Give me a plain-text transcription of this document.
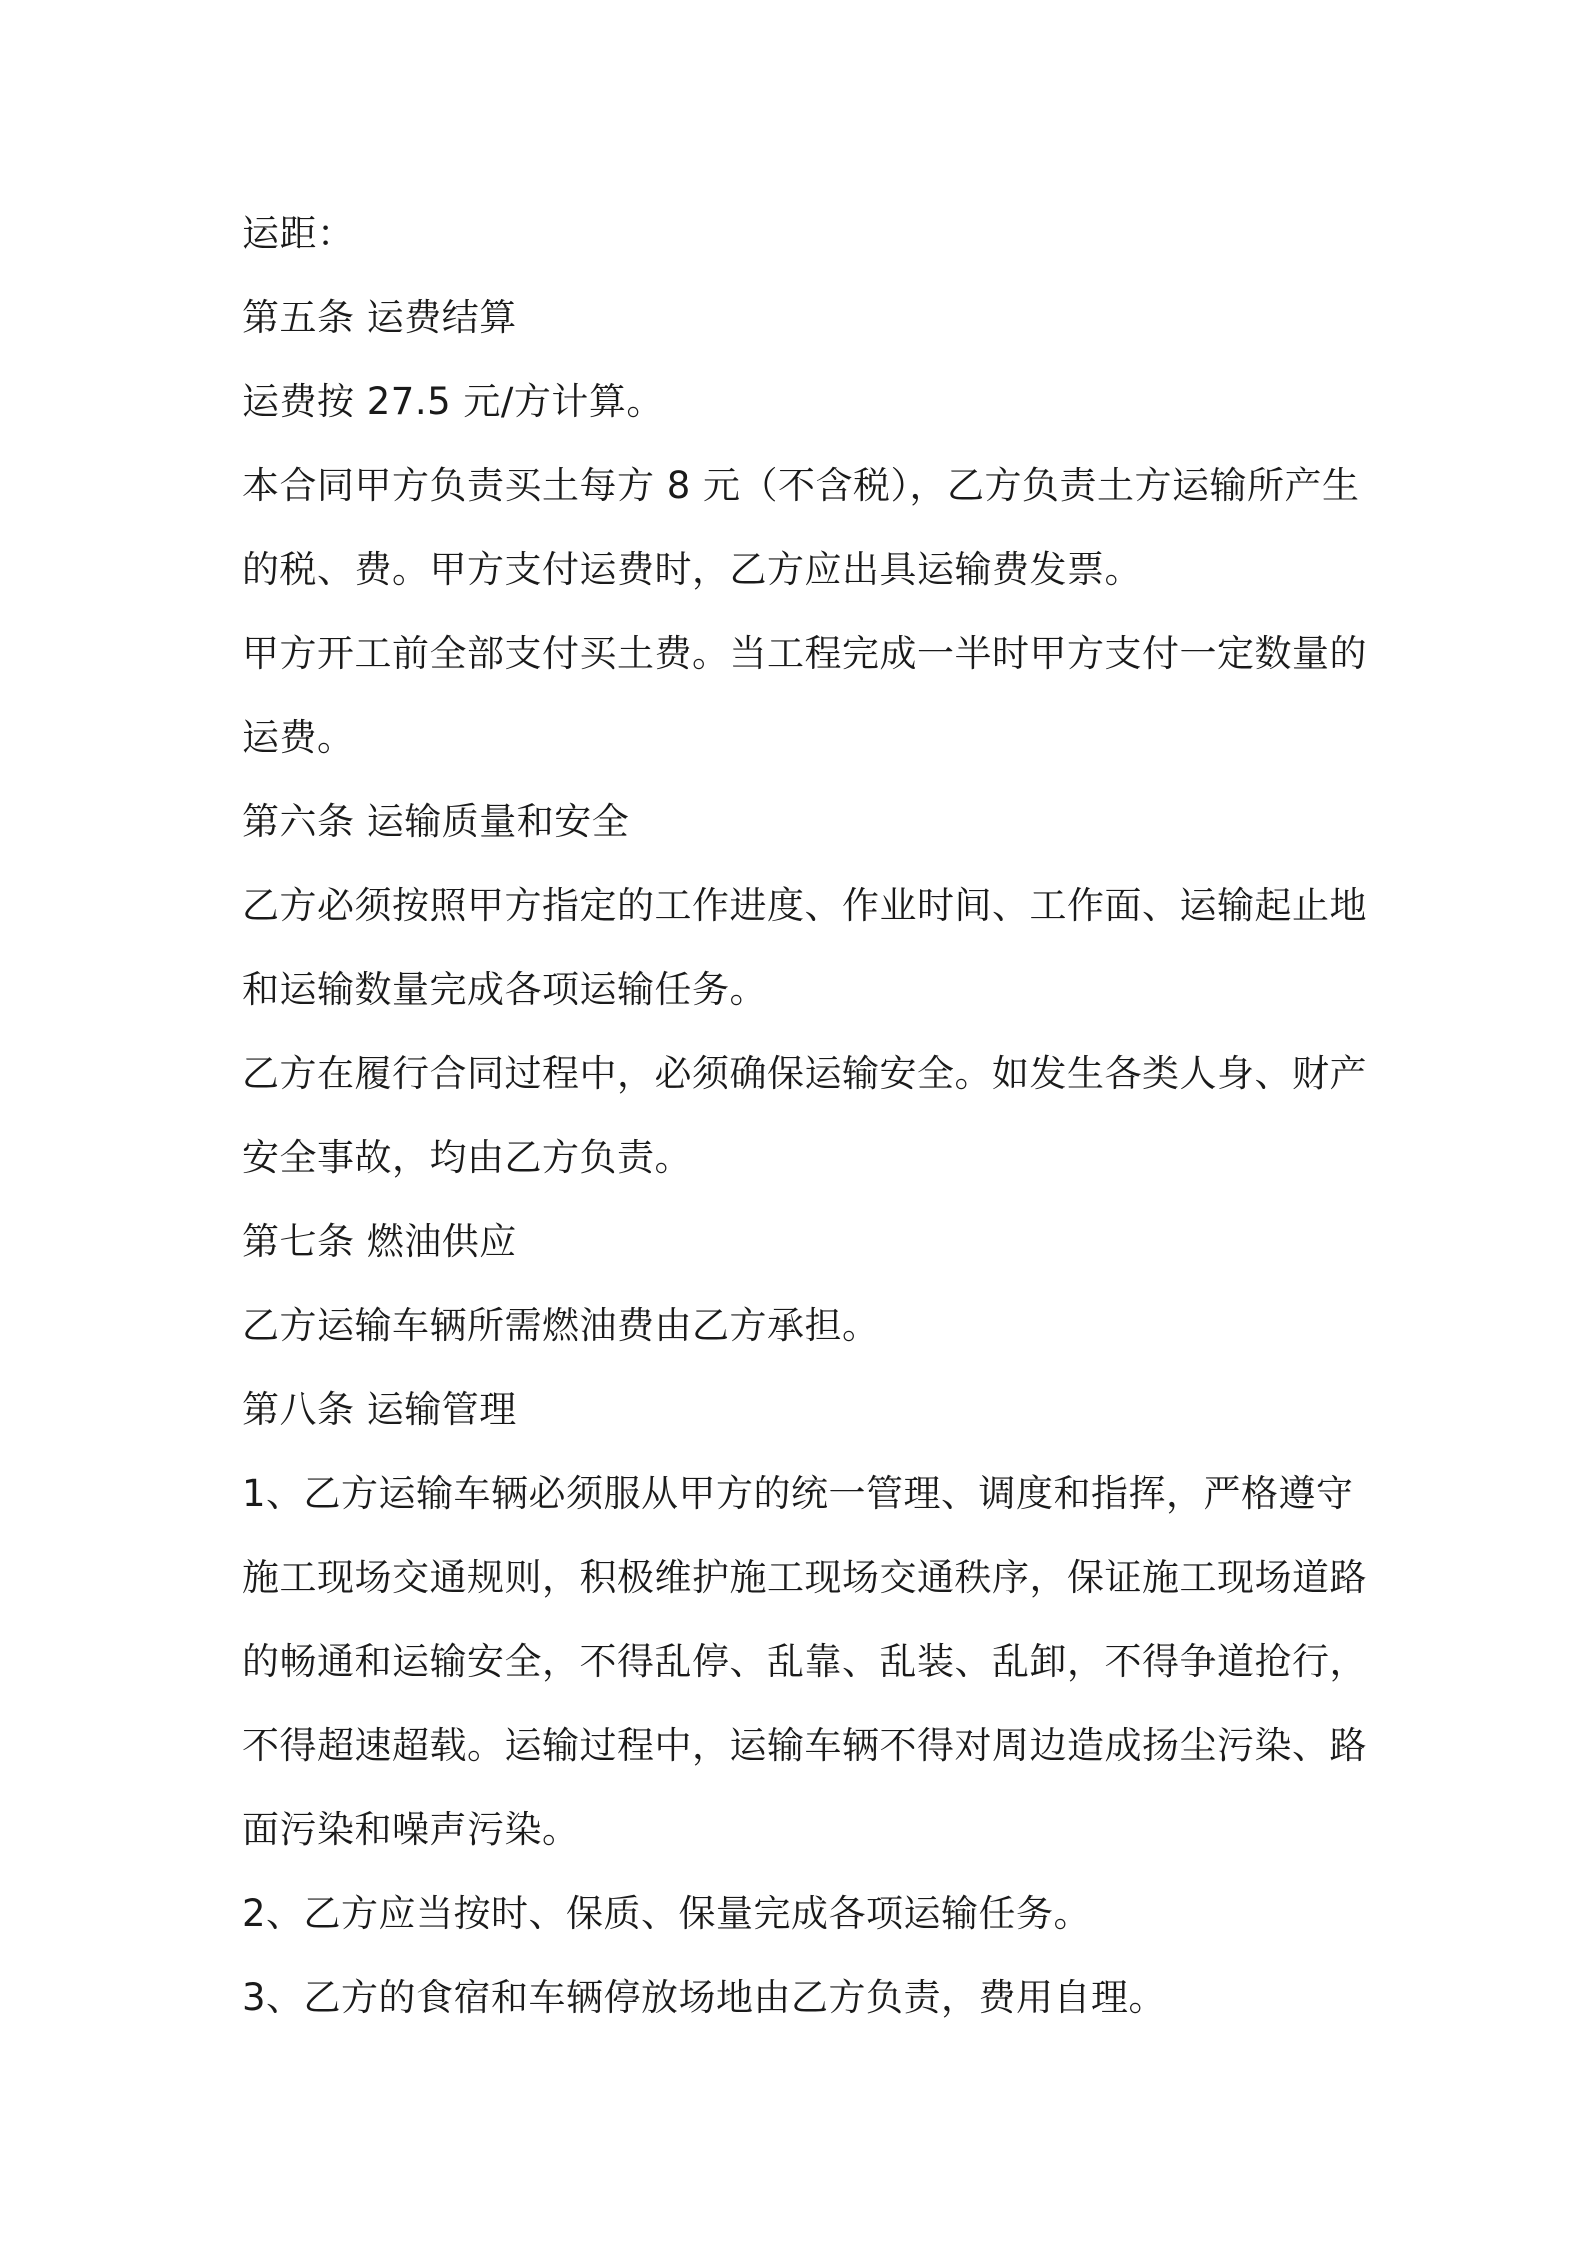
运距：

第五条 运费结算

运费按 27.5 元/方计算。

本合同甲方负责买土每方 8 元（不含税），乙方负责土方运输所产生

的税、费。甲方支付运费时，乙方应出具运输费发票。

甲方开工前全部支付买土费。当工程完成一半时甲方支付一定数量的

运费。

第六条 运输质量和安全

乙方必须按照甲方指定的工作进度、作业时间、工作面、运输起止地

和运输数量完成各项运输任务。

乙方在履行合同过程中，必须确保运输安全。如发生各类人身、财产

安全事故，均由乙方负责。

第七条 燃油供应

乙方运输车辆所需燃油费由乙方承担。

第八条 运输管理

1、乙方运输车辆必须服从甲方的统一管理、调度和指挥，严格遵守

施工现场交通规则，积极维护施工现场交通秩序，保证施工现场道路

的畅通和运输安全，不得乱停、乱靠、乱装、乱卸，不得争道抢行，

不得超速超载。运输过程中，运输车辆不得对周边造成扬尘污染、路

面污染和噪声污染。

2、乙方应当按时、保质、保量完成各项运输任务。

3、乙方的食宿和车辆停放场地由乙方负责，费用自理。
